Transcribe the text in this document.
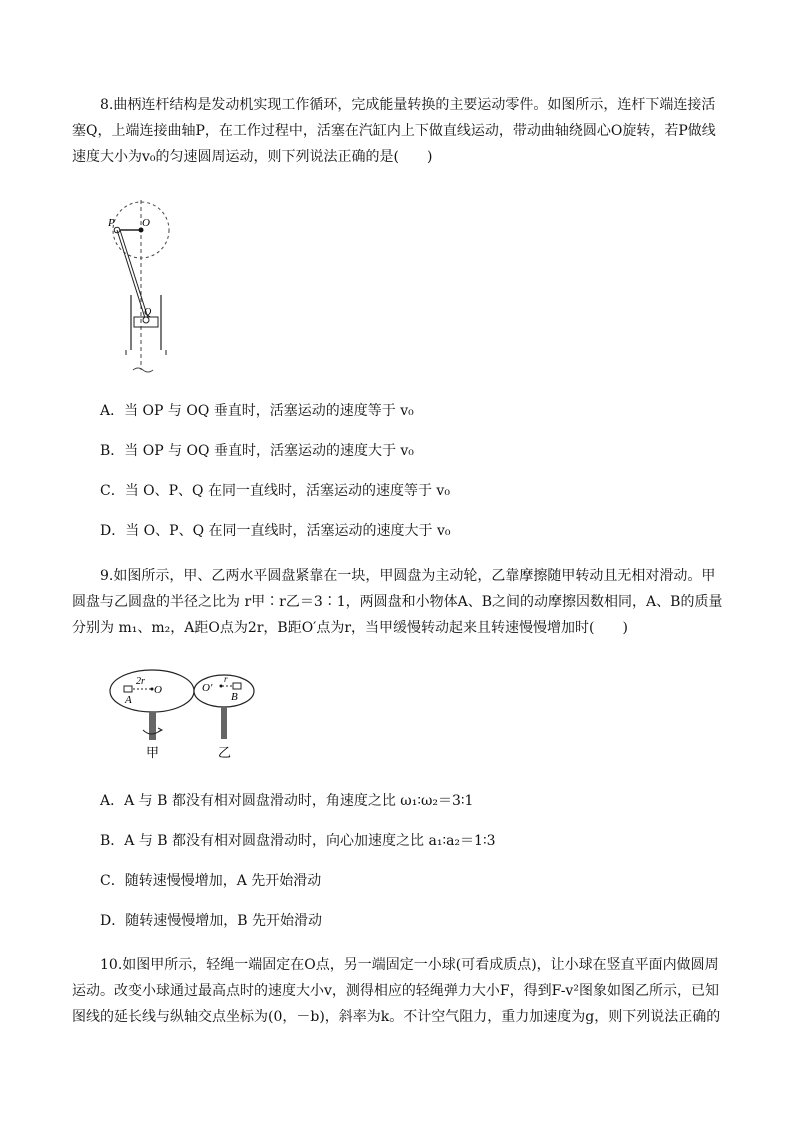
8.曲柄连杆结构是发动机实现工作循环，完成能量转换的主要运动零件。如图所示，连杆下端连接活塞Q，上端连接曲轴P，在工作过程中，活塞在汽缸内上下做直线运动，带动曲轴绕圆心O旋转，若P做线速度大小为v₀的匀速圆周运动，则下列说法正确的是(　　)

P O
Q

A．当 OP 与 OQ 垂直时，活塞运动的速度等于 v₀

B．当 OP 与 OQ 垂直时，活塞运动的速度大于 v₀

C．当 O、P、Q 在同一直线时，活塞运动的速度等于 v₀

D．当 O、P、Q 在同一直线时，活塞运动的速度大于 v₀

9.如图所示，甲、乙两水平圆盘紧靠在一块，甲圆盘为主动轮，乙靠摩擦随甲转动且无相对滑动。甲圆盘与乙圆盘的半径之比为 r甲∶r乙＝3∶1，两圆盘和小物体A、B之间的动摩擦因数相同，A、B的质量分别为 m₁、m₂，A距O点为2r，B距O′点为r，当甲缓慢转动起来且转速慢慢增加时(　　)

2r
O
A
O′
r
B
甲	乙

A．A 与 B 都没有相对圆盘滑动时，角速度之比 ω₁∶ω₂＝3∶1

B．A 与 B 都没有相对圆盘滑动时，向心加速度之比 a₁∶a₂＝1∶3

C．随转速慢慢增加，A 先开始滑动

D．随转速慢慢增加，B 先开始滑动

10.如图甲所示，轻绳一端固定在O点，另一端固定一小球(可看成质点)，让小球在竖直平面内做圆周运动。改变小球通过最高点时的速度大小v，测得相应的轻绳弹力大小F，得到F-v²图象如图乙所示，已知图线的延长线与纵轴交点坐标为(0，－b)，斜率为k。不计空气阻力，重力加速度为g，则下列说法正确的
